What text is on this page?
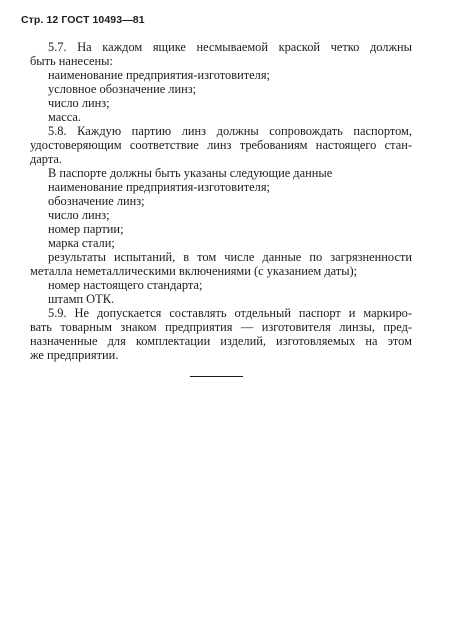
Стр. 12 ГОСТ 10493—81
5.7. На каждом ящике несмываемой краской четко должны
быть нанесены:
наименование предприятия-изготовителя;
условное обозначение линз;
число линз;
масса.
5.8. Каждую партию линз должны сопровождать паспортом,
удостоверяющим соответствие линз требованиям настоящего стан-
дарта.
В паспорте должны быть указаны следующие данные
наименование предприятия-изготовителя;
обозначение линз;
число линз;
номер партии;
марка стали;
результаты испытаний, в том числе данные по загрязненности
металла неметаллическими включениями (с указанием даты);
номер настоящего стандарта;
штамп ОТК.
5.9. Не допускается составлять отдельный паспорт и маркиро-
вать товарным знаком предприятия — изготовителя линзы, пред-
назначенные для комплектации изделий, изготовляемых на этом
же предприятии.
